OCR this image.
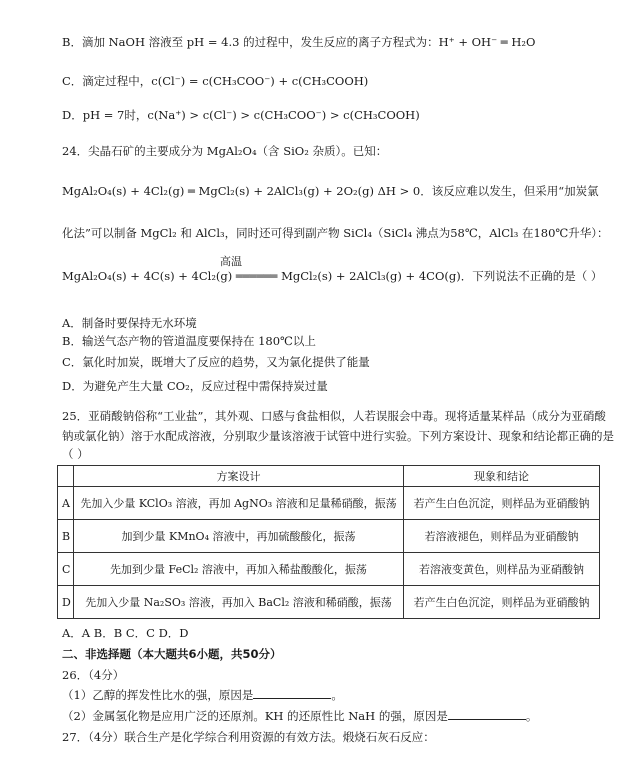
B．滴加 NaOH 溶液至 pH = 4.3 的过程中，发生反应的离子方程式为：H⁺ + OH⁻ ═ H₂O
C．滴定过程中，c(Cl⁻) = c(CH₃COO⁻) + c(CH₃COOH)
D．pH = 7时，c(Na⁺) > c(Cl⁻) > c(CH₃COO⁻) > c(CH₃COOH)
24．尖晶石矿的主要成分为 MgAl₂O₄（含 SiO₂ 杂质）。已知：
MgAl₂O₄(s) + 4Cl₂(g) ═ MgCl₂(s) + 2AlCl₃(g) + 2O₂(g) ΔH > 0．该反应难以发生，但采用“加炭氯
化法”可以制备 MgCl₂ 和 AlCl₃，同时还可得到副产物 SiCl₄（SiCl₄ 沸点为58℃，AlCl₃ 在180℃升华）：
高温
MgAl₂O₄(s) + 4C(s) + 4Cl₂(g) ══════ MgCl₂(s) + 2AlCl₃(g) + 4CO(g)．下列说法不正确的是（ ）
A．制备时要保持无水环境
B．输送气态产物的管道温度要保持在 180℃以上
C．氯化时加炭，既增大了反应的趋势，又为氯化提供了能量
D．为避免产生大量 CO₂，反应过程中需保持炭过量
25．亚硝酸钠俗称“工业盐”，其外观、口感与食盐相似，人若误服会中毒。现将适量某样品（成分为亚硝酸
钠或氯化钠）溶于水配成溶液，分别取少量该溶液于试管中进行实验。下列方案设计、现象和结论都正确的是
（ ）
	方案设计	现象和结论
A	先加入少量 KClO₃ 溶液，再加 AgNO₃ 溶液和足量稀硝酸，振荡	若产生白色沉淀，则样品为亚硝酸钠
B	加到少量 KMnO₄ 溶液中，再加硫酸酸化，振荡	若溶液褪色，则样品为亚硝酸钠
C	先加到少量 FeCl₂ 溶液中，再加入稀盐酸酸化，振荡	若溶液变黄色，则样品为亚硝酸钠
D	先加入少量 Na₂SO₃ 溶液，再加入 BaCl₂ 溶液和稀硝酸，振荡	若产生白色沉淀，则样品为亚硝酸钠
A．A B．B C．C D．D
二、非选择题（本大题共6小题，共50分）
26．（4分）
（1）乙醇的挥发性比水的强，原因是	。
（2）金属氢化物是应用广泛的还原剂。KH 的还原性比 NaH 的强，原因是	。
27．（4分）联合生产是化学综合利用资源的有效方法。煅烧石灰石反应：
